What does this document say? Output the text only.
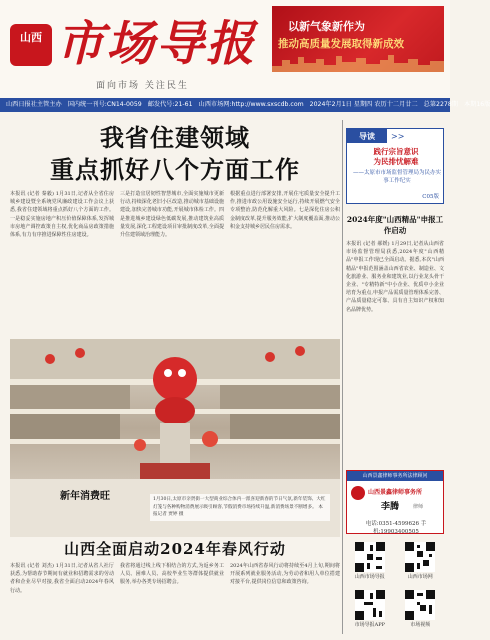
山西 市场导报
面向市场 关注民生
以新气象新作为
推动高质量发展取得新成效
山西日报社主管主办 国内统一刊号:CN14-0059 邮发代号:21-61 山西市场网:http://www.sxscdb.com 2024年2月1日 星期四 农历十二月廿二 总第2278期 本期16版
我省住建领域
重点抓好八个方面工作
本报讯 (记者 秦毅) 1月31日,记者从全省住房城乡建设暨全系统党风廉政建设工作会议上获悉,我省住建领域将重点抓好八个方面的工作。一是稳妥实施房地产积压价值保障体系,发挥城市房地产调控政策自主权,优化商品房政策措施体系,有力有序推进保障性住房建设。
三是打造宜居韧性智慧城市,全面实施城市更新行动,持续深化老旧小区改造,推动城市基础设施建设,加快完善城市功能,开展城市体检工作。四是推进城乡建设绿色低碳发展,推动建筑业高质量发展,深化工程建设项目审批制度改革,全面提升住建领域治理能力。
根据重点进行部署安排,开展住宅质量安全提升工作,推进市政公用设施安全运行,持续开展燃气安全专项整治,防范化解重大风险。七是深化住房公积金制度改革,提升服务效能,扩大制度覆盖面,推动公积金支持城乡居民住房需求。
新年消费旺	1月30日,太原市亲贤街一大型商业综合体内一派喜迎新春的节日气氛,新年装饰、大红灯笼与各种购物消费展示吸引顾客,节假消费市场持续升温,新消费场景不断增多。 本报记者 贾婷 摄
山西全面启动2024年春风行动
本报讯 (记者 刘杰) 1月31日,记者从省人社厅获悉,为帮助春节期间有就业和招聘需求的劳动者和企业尽早对接,我省全面启动2024年春风行动。
我省将通过线上线下相结合的方式,为返乡务工人员、困难人员、高校毕业生等群体提供就业服务,举办各类专场招聘会。
2024年山西省春风行动将持续至4月上旬,期间将开展系列就业服务活动,为劳动者和用人单位搭建对接平台,提供岗位信息和政策咨询。
导读	>>
践行宗旨意识
为民排忧解难
——太原市市场监督管理局为民办实事工作纪实
C05版
2024年度"山西精品"申报工作启动
本报讯 (记者 郝媛) 1月29日,记者从山西省市场监督管理局获悉,2024年度"山西精品"申报工作现已全面启动。据悉,本次"山西精品"申报范围涵盖山西省农业、制造业、文化旅游业、服务业和建筑业,以行业龙头骨干企业、"专精特新"中小企业、优质中小企业培育为重点,申报产品需质量管理体系完善、产品质量稳定可靠、具有自主知识产权和知名品牌优势。
山西景鑫律师事务所法律顾问
山西景鑫律师事务所
李腾	律师
电话:0351-4599626 手机:19903400505
山西市场导报	山西市场网
市场导报APP	市场视频
